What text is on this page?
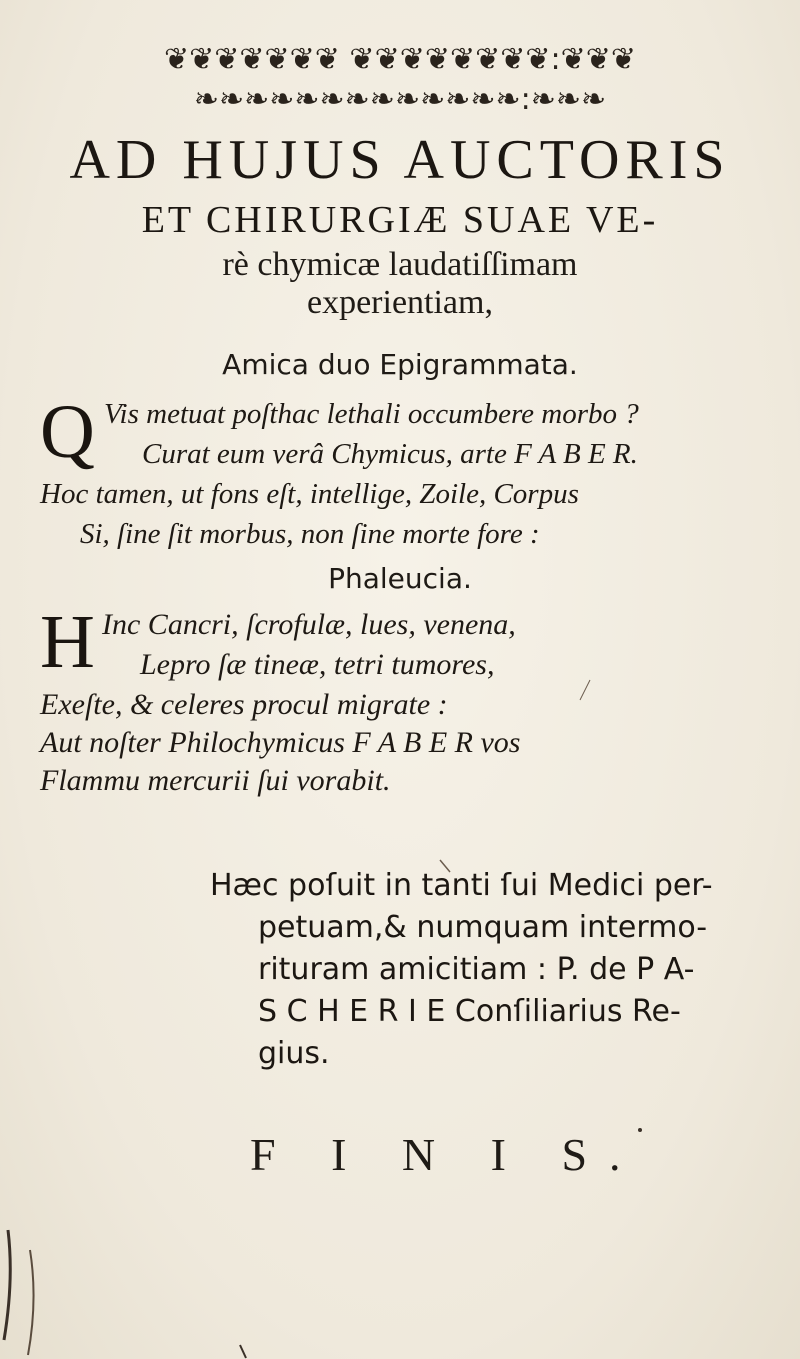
❦❦❦❦❦❦❦ ❦❦❦❦❦❦❦❦:❦❦❦
❧❧❧❧❧❧❧❧❧❧❧❧❧:❧❧❧
AD HUJUS AUCTORIS
ET CHIRURGIÆ SUAE VE-
rè chymicæ laudatiſſimam
experientiam,
Amica duo Epigrammata.
Q Vis metuat poſthac lethali occumbere morbo ?
Curat eum verâ Chymicus, arte F A B E R.
Hoc tamen, ut fons eſt, intellige, Zoile, Corpus
Si, ſine ſit morbus, non ſine morte fore :
Phaleucia.
H Inc Cancri, ſcrofulæ, lues, venena,
Lepro ſæ tineæ, tetri tumores,
Exeſte, & celeres procul migrate :
Aut noſter Philochymicus F A B E R vos
Flammu mercurii ſui vorabit.
Hæc poſuit in tanti ſui Medici per-
petuam,& numquam intermo-
rituram amicitiam : P. de P A-
S C H E R I E Conſiliarius Re-
gius.
F I N I S.
